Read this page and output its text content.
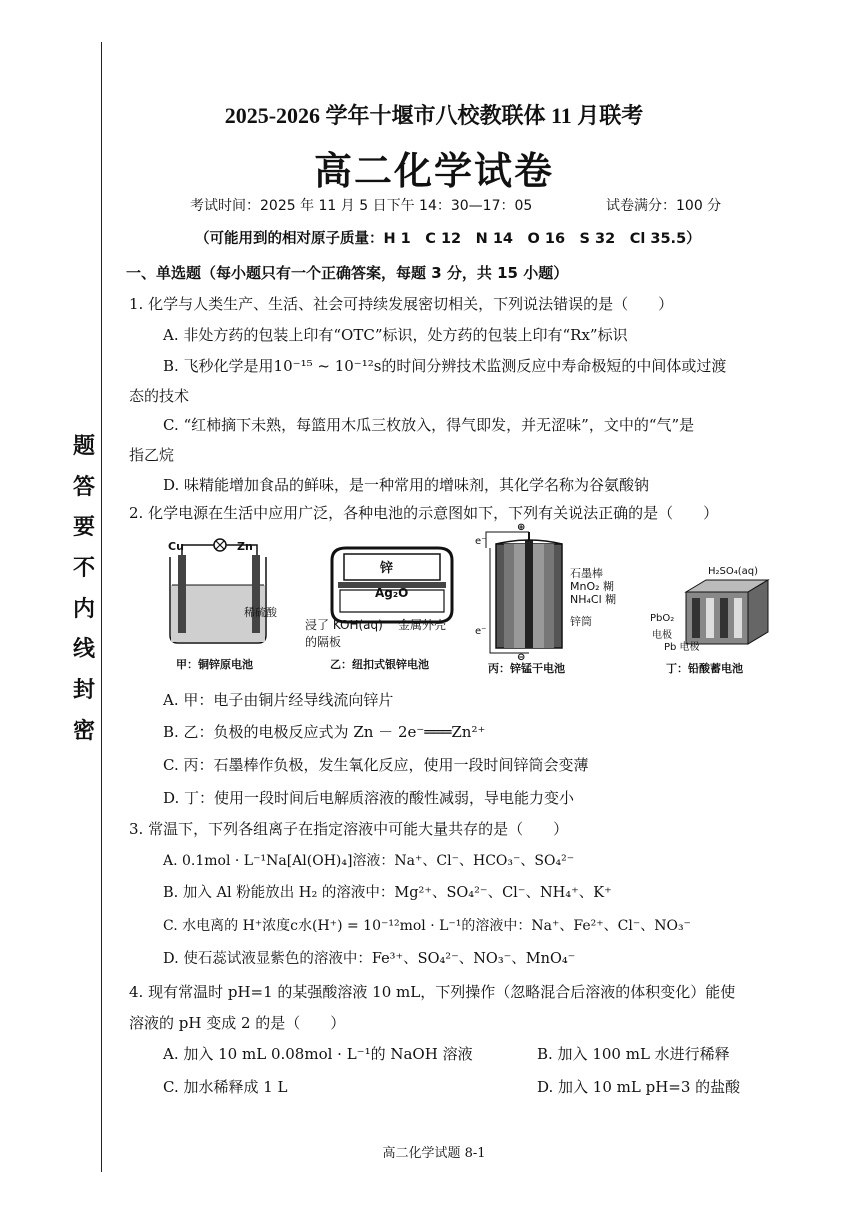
题
答
要
不
内
线
封
密
2025-2026 学年十堰市八校教联体 11 月联考
高二化学试卷
考试时间：2025 年 11 月 5 日下午 14：30—17：05	试卷满分：100 分
（可能用到的相对原子质量：H 1　C 12　N 14　O 16　S 32　Cl 35.5）
一、单选题（每小题只有一个正确答案，每题 3 分，共 15 小题）
1. 化学与人类生产、生活、社会可持续发展密切相关，下列说法错误的是（　　）
A. 非处方药的包装上印有“OTC”标识，处方药的包装上印有“Rx”标识
B. 飞秒化学是用10⁻¹⁵ ~ 10⁻¹²s的时间分辨技术监测反应中寿命极短的中间体或过渡
态的技术
C. “红柿摘下未熟，每篮用木瓜三枚放入，得气即发，并无涩味”，文中的“气”是
指乙烷
D. 味精能增加食品的鲜味，是一种常用的增味剂，其化学名称为谷氨酸钠
2. 化学电源在生活中应用广泛，各种电池的示意图如下，下列有关说法正确的是（　　）
Cu	Zn
稀硫酸
甲：铜锌原电池
锌
Ag₂O
浸了 KOH(aq)
的隔板
金属外壳
乙：纽扣式银锌电池
⊕
⊖
e⁻
e⁻
石墨棒
MnO₂ 糊
NH₄Cl 糊
锌筒
丙：锌锰干电池
H₂SO₄(aq)
PbO₂
电极
Pb 电极
丁：铅酸蓄电池
A. 甲：电子由铜片经导线流向锌片
B. 乙：负极的电极反应式为 Zn － 2e⁻═══Zn²⁺
C. 丙：石墨棒作负极，发生氧化反应，使用一段时间锌筒会变薄
D. 丁：使用一段时间后电解质溶液的酸性减弱，导电能力变小
3. 常温下，下列各组离子在指定溶液中可能大量共存的是（　　）
A. 0.1mol · L⁻¹Na[Al(OH)₄]溶液：Na⁺、Cl⁻、HCO₃⁻、SO₄²⁻
B. 加入 Al 粉能放出 H₂ 的溶液中：Mg²⁺、SO₄²⁻、Cl⁻、NH₄⁺、K⁺
C. 水电离的 H⁺浓度c水(H⁺) = 10⁻¹²mol · L⁻¹的溶液中：Na⁺、Fe²⁺、Cl⁻、NO₃⁻
D. 使石蕊试液显紫色的溶液中：Fe³⁺、SO₄²⁻、NO₃⁻、MnO₄⁻
4. 现有常温时 pH=1 的某强酸溶液 10 mL，下列操作（忽略混合后溶液的体积变化）能使
溶液的 pH 变成 2 的是（　　）
A. 加入 10 mL 0.08mol · L⁻¹的 NaOH 溶液	B. 加入 100 mL 水进行稀释
C. 加水稀释成 1 L	D. 加入 10 mL pH=3 的盐酸
高二化学试题 8-1
